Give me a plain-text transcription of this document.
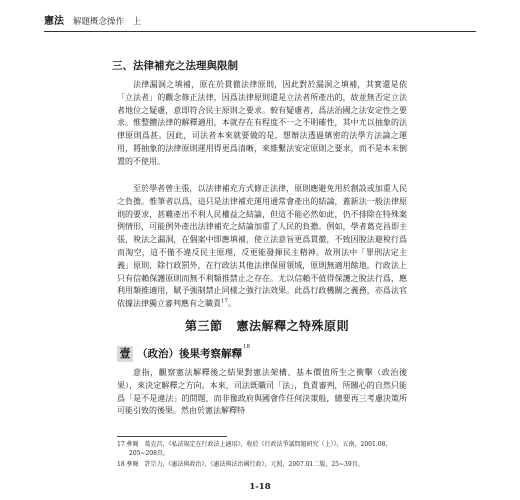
憲法 解題概念操作　上
三、法律補充之法理與限制

法律漏洞之填補，原在於貫徹法律原則，因此對於漏洞之填補，其實還是依「立法者」的觀念修正法律，因爲法律原則還是立法者所產出的，故並無否定立法者地位之疑慮，意即符合民主原則之要求。較有疑慮者，爲法治國之法安定性之要求。惟整體法律的解釋適用，本就存在有程度不一之不明確性，其中尤以抽象的法律原則爲甚。因此，司法者本來就要做的是，想辦法透過縝密的法學方法論之運用，將抽象的法律原則運用得更爲清晰，來維繫法安定原則之要求，而不是本末倒置的不使用。

至於學者曾主張，以法律補充方式修正法律，原則應避免用於創設或加重人民之負擔。惟筆者以爲，這只是法律補充運用通常會產出的結論，蓋新法一般法律原則的要求，甚難產出不利人民權益之結論，但這不能必然如此，仍不排除在特殊案例情形，可能例外產出法律補充之結論加重了人民的負擔。例如，學者葛克昌即主張，稅法之漏洞，在個案中即應填補，使立法意旨更爲貫徹，不致因脫法避稅行爲而淘空，這不僅不違反民主原理，反更能發揮民主精神。故刑法中「罪刑法定主義」原則，除行政罰外，在行政法其他法律保留領域，原則無適用餘地。行政法上只有信賴保護原則而無不利類推禁止之存在。尤以信賴不值得保護之脫法行爲，應利用類推適用，賦予強制禁止同樣之強行法效果。此爲行政機關之義務，亦爲法官依據法律獨立審判應有之職責$^{17}$。

第三節 憲法解釋之特殊原則
壹 （政治）後果考察解釋18

意指，觀察憲法解釋後之結果對憲法架構、基本價值所生之衝擊（政治後果），來決定解釋之方向。本來，司法既職司「法」，負責審判，所關心的自然只能爲「是不是違法」的問題，而非像政府與國會作任何決策般，總要再三考慮決策所可能引致的後果。然由於憲法解釋特

17 參閱　葛克昌，《私法規定在行政法上適用》，收於《行政法爭議問題研究（上）》，五南，2001.08，205~208頁。

18 參閱　許宗力，《憲法與政治》，《憲法與法治國行政》，元照，2007.01二版，25~39頁。

1-18
